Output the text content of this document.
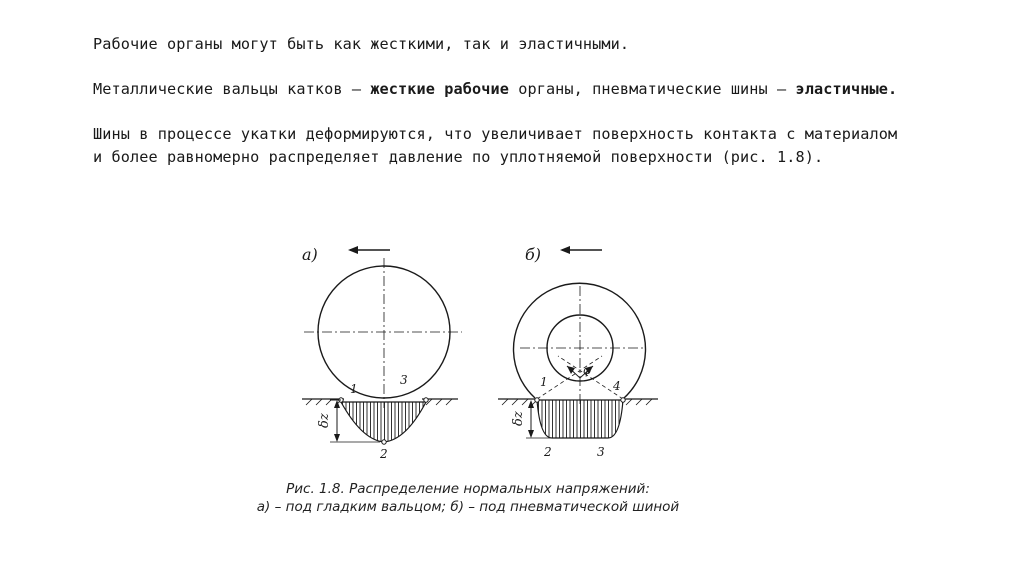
Рабочие органы могут быть как жесткими, так и эластичными.

Металлические вальцы катков – жесткие рабочие органы, пневматические шины – эластичные.

Шины в процессе укатки деформируются, что увеличивает поверхность контакта с материалом и более равномерно распределяет давление по уплотняемой поверхности (рис. 1.8).

а)
δz
1
3
2
б)
φ
δz
1	4
2	3
Рис. 1.8. Распределение нормальных напряжений:
а) – под гладким вальцом; б) – под пневматической шиной
